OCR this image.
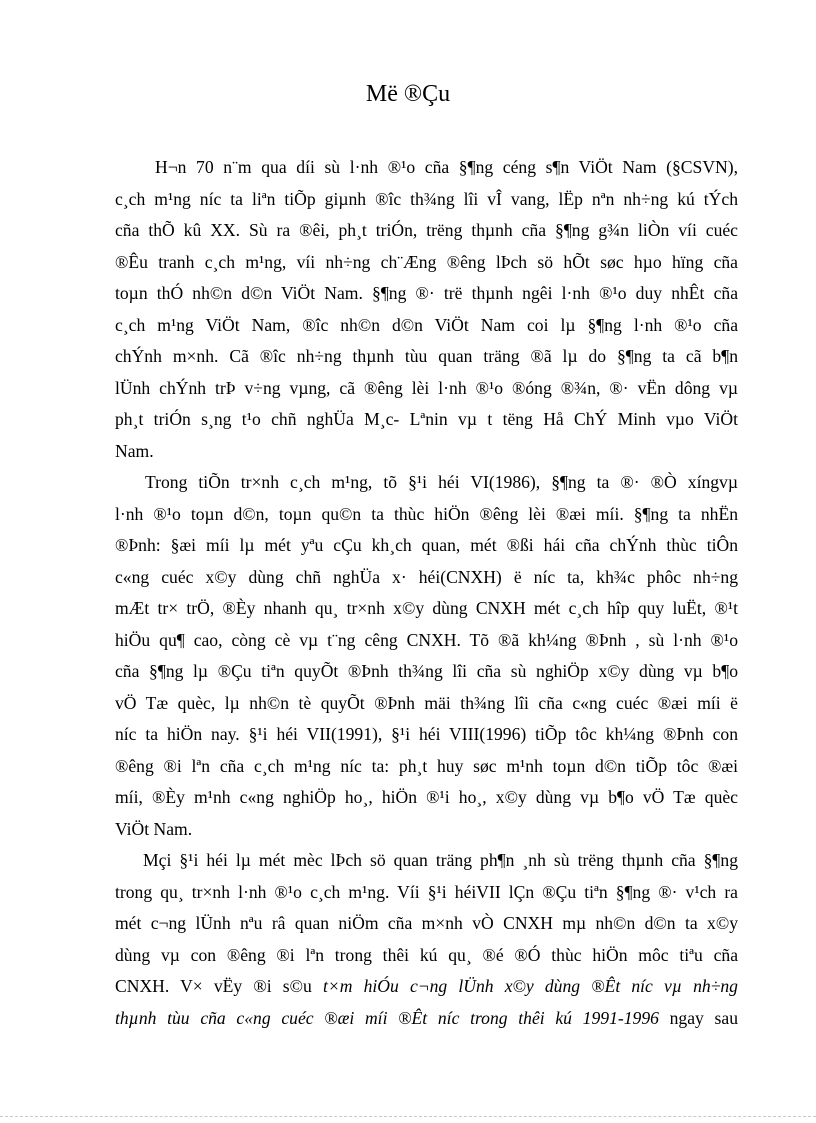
Më ®Çu
H¬n 70 n¨m qua díi sù l·nh ®¹o cña §¶ng céng s¶n ViÖt Nam (§CSVN),
c¸ch m¹ng níc ta liªn tiÕp giµnh ®îc th¾ng lîi vÎ vang, lËp nªn nh÷ng kú tÝch
cña thÕ kû XX. Sù ra ®êi, ph¸t triÓn, trëng thµnh cña §¶ng g¾n liÒn víi cuéc
®Êu tranh c¸ch m¹ng, víi nh÷ng ch¨Æng ®êng lÞch sö hÕt søc hµo hïng cña
toµn thÓ nh©n d©n ViÖt Nam. §¶ng ®· trë thµnh ngêi l·nh ®¹o duy nhÊt cña
c¸ch m¹ng ViÖt Nam, ®îc nh©n d©n ViÖt Nam coi lµ §¶ng l·nh ®¹o cña
chÝnh m×nh. Cã ®îc nh÷ng thµnh tùu quan träng ®ã lµ do §¶ng ta cã b¶n
lÜnh chÝnh trÞ v÷ng vµng, cã ®êng lèi l·nh ®¹o ®óng ®¾n, ®· vËn dông vµ
ph¸t triÓn s¸ng t¹o chñ nghÜa M¸c- Lªnin vµ t tëng Hå ChÝ Minh vµo ViÖt
Nam.
Trong tiÕn tr×nh c¸ch m¹ng, tõ §¹i héi VI(1986), §¶ng ta ®· ®Ò xíngvµ
l·nh ®¹o toµn d©n, toµn qu©n ta thùc hiÖn ®êng lèi ®æi míi. §¶ng ta nhËn
®Þnh: §æi míi lµ mét yªu cÇu kh¸ch quan, mét ®ßi hái cña chÝnh thùc tiÔn
c«ng cuéc x©y dùng chñ nghÜa x· héi(CNXH) ë níc ta, kh¾c phôc nh÷ng
mÆt tr× trÖ, ®Èy nhanh qu¸ tr×nh x©y dùng CNXH mét c¸ch hîp quy luËt, ®¹t
hiÖu qu¶ cao, còng cè vµ t¨ng cêng CNXH. Tõ ®ã kh¼ng ®Þnh , sù l·nh ®¹o
cña §¶ng lµ ®Çu tiªn quyÕt ®Þnh th¾ng lîi cña sù nghiÖp x©y dùng vµ b¶o
vÖ Tæ quèc, lµ nh©n tè quyÕt ®Þnh mäi th¾ng lîi cña c«ng cuéc ®æi míi ë
níc ta hiÖn nay. §¹i héi VII(1991), §¹i héi VIII(1996) tiÕp tôc kh¼ng ®Þnh con
®êng ®i lªn cña c¸ch m¹ng níc ta: ph¸t huy søc m¹nh toµn d©n tiÕp tôc ®æi
míi, ®Èy m¹nh c«ng nghiÖp ho¸, hiÖn ®¹i ho¸, x©y dùng vµ b¶o vÖ Tæ quèc
ViÖt Nam.
Mçi §¹i héi lµ mét mèc lÞch sö quan träng ph¶n ¸nh sù trëng thµnh cña §¶ng
trong qu¸ tr×nh l·nh ®¹o c¸ch m¹ng. Víi §¹i héiVII lÇn ®Çu tiªn §¶ng ®· v¹ch ra
mét c¬ng lÜnh nªu râ quan niÖm cña m×nh vÒ CNXH mµ nh©n d©n ta x©y
dùng vµ con ®êng ®i lªn trong thêi kú qu¸ ®é ®Ó thùc hiÖn môc tiªu cña
CNXH. V× vËy ®i s©u t×m hiÓu c¬ng lÜnh x©y dùng ®Êt níc vµ nh÷ng
thµnh tùu cña c«ng cuéc ®æi míi ®Êt níc trong thêi kú 1991-1996 ngay sau
